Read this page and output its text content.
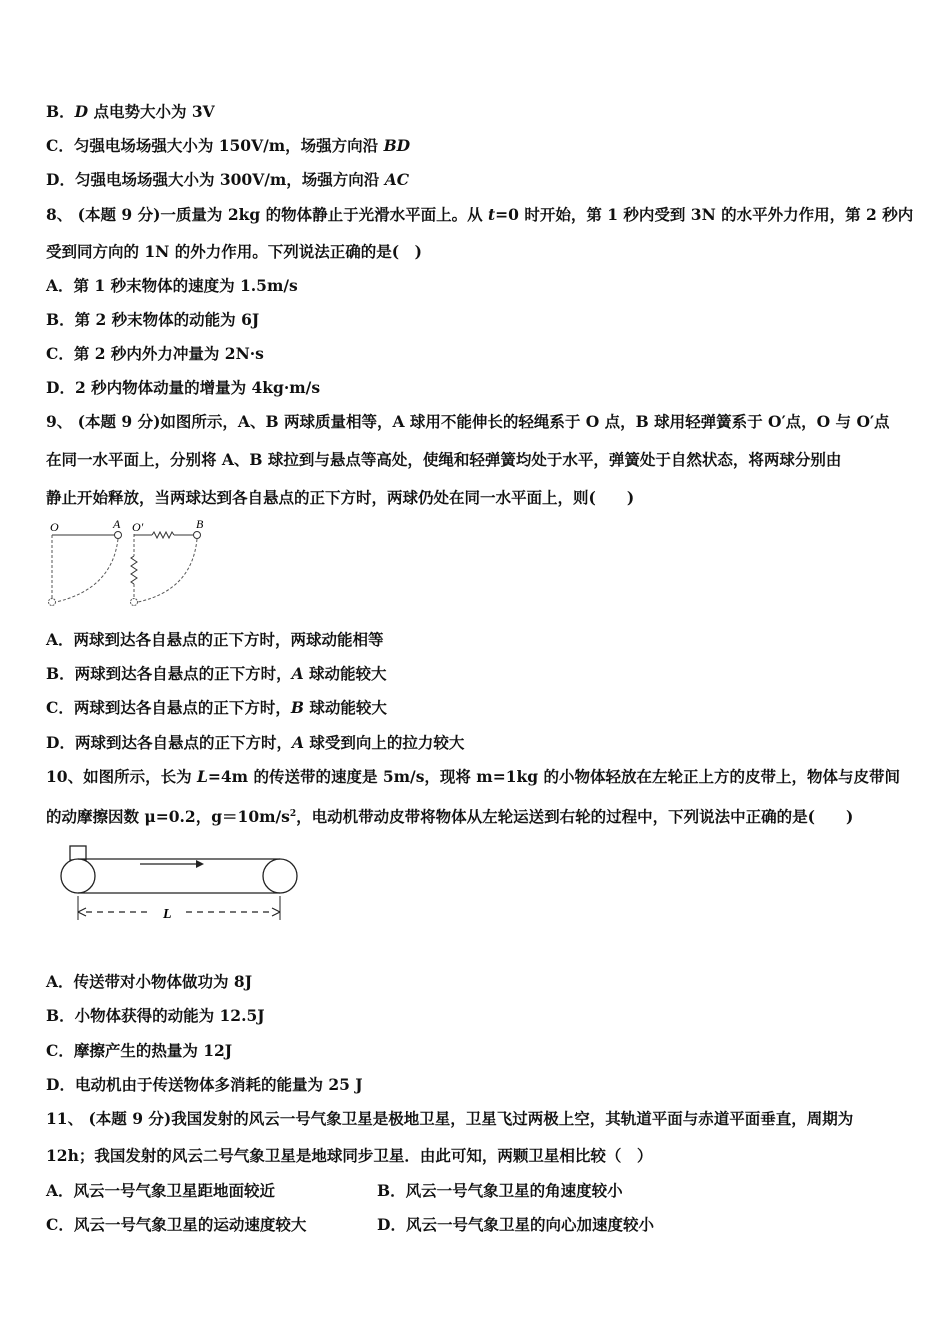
B．D 点电势大小为 3V
C．匀强电场场强大小为 150V/m，场强方向沿 BD
D．匀强电场场强大小为 300V/m，场强方向沿 AC
8、 (本题 9 分)一质量为 2kg 的物体静止于光滑水平面上。从 t=0 时开始，第 1 秒内受到 3N 的水平外力作用，第 2 秒内
受到同方向的 1N 的外力作用。下列说法正确的是(　)
A．第 1 秒末物体的速度为 1.5m/s
B．第 2 秒末物体的动能为 6J
C．第 2 秒内外力冲量为 2N·s
D．2 秒内物体动量的增量为 4kg·m/s
9、 (本题 9 分)如图所示，A、B 两球质量相等，A 球用不能伸长的轻绳系于 O 点，B 球用轻弹簧系于 O′点，O 与 O′点
在同一水平面上，分别将 A、B 球拉到与悬点等高处，使绳和轻弹簧均处于水平，弹簧处于自然状态，将两球分别由
静止开始释放，当两球达到各自悬点的正下方时，两球仍处在同一水平面上，则(　　)
O	A O′	B
A．两球到达各自悬点的正下方时，两球动能相等
B．两球到达各自悬点的正下方时，A 球动能较大
C．两球到达各自悬点的正下方时，B 球动能较大
D．两球到达各自悬点的正下方时，A 球受到向上的拉力较大
10、如图所示，长为 L=4m 的传送带的速度是 5m/s，现将 m=1kg 的小物体轻放在左轮正上方的皮带上，物体与皮带间
的动摩擦因数 μ=0.2，$g=10m/s^2$，电动机带动皮带将物体从左轮运送到右轮的过程中，下列说法中正确的是(　　)
L
A．传送带对小物体做功为 8J
B．小物体获得的动能为 12.5J
C．摩擦产生的热量为 12J
D．电动机由于传送物体多消耗的能量为 25 J
11、 (本题 9 分)我国发射的风云一号气象卫星是极地卫星，卫星飞过两极上空，其轨道平面与赤道平面垂直，周期为
12h；我国发射的风云二号气象卫星是地球同步卫星．由此可知，两颗卫星相比较（　）
A．风云一号气象卫星距地面较近	B．风云一号气象卫星的角速度较小
C．风云一号气象卫星的运动速度较大	D．风云一号气象卫星的向心加速度较小
